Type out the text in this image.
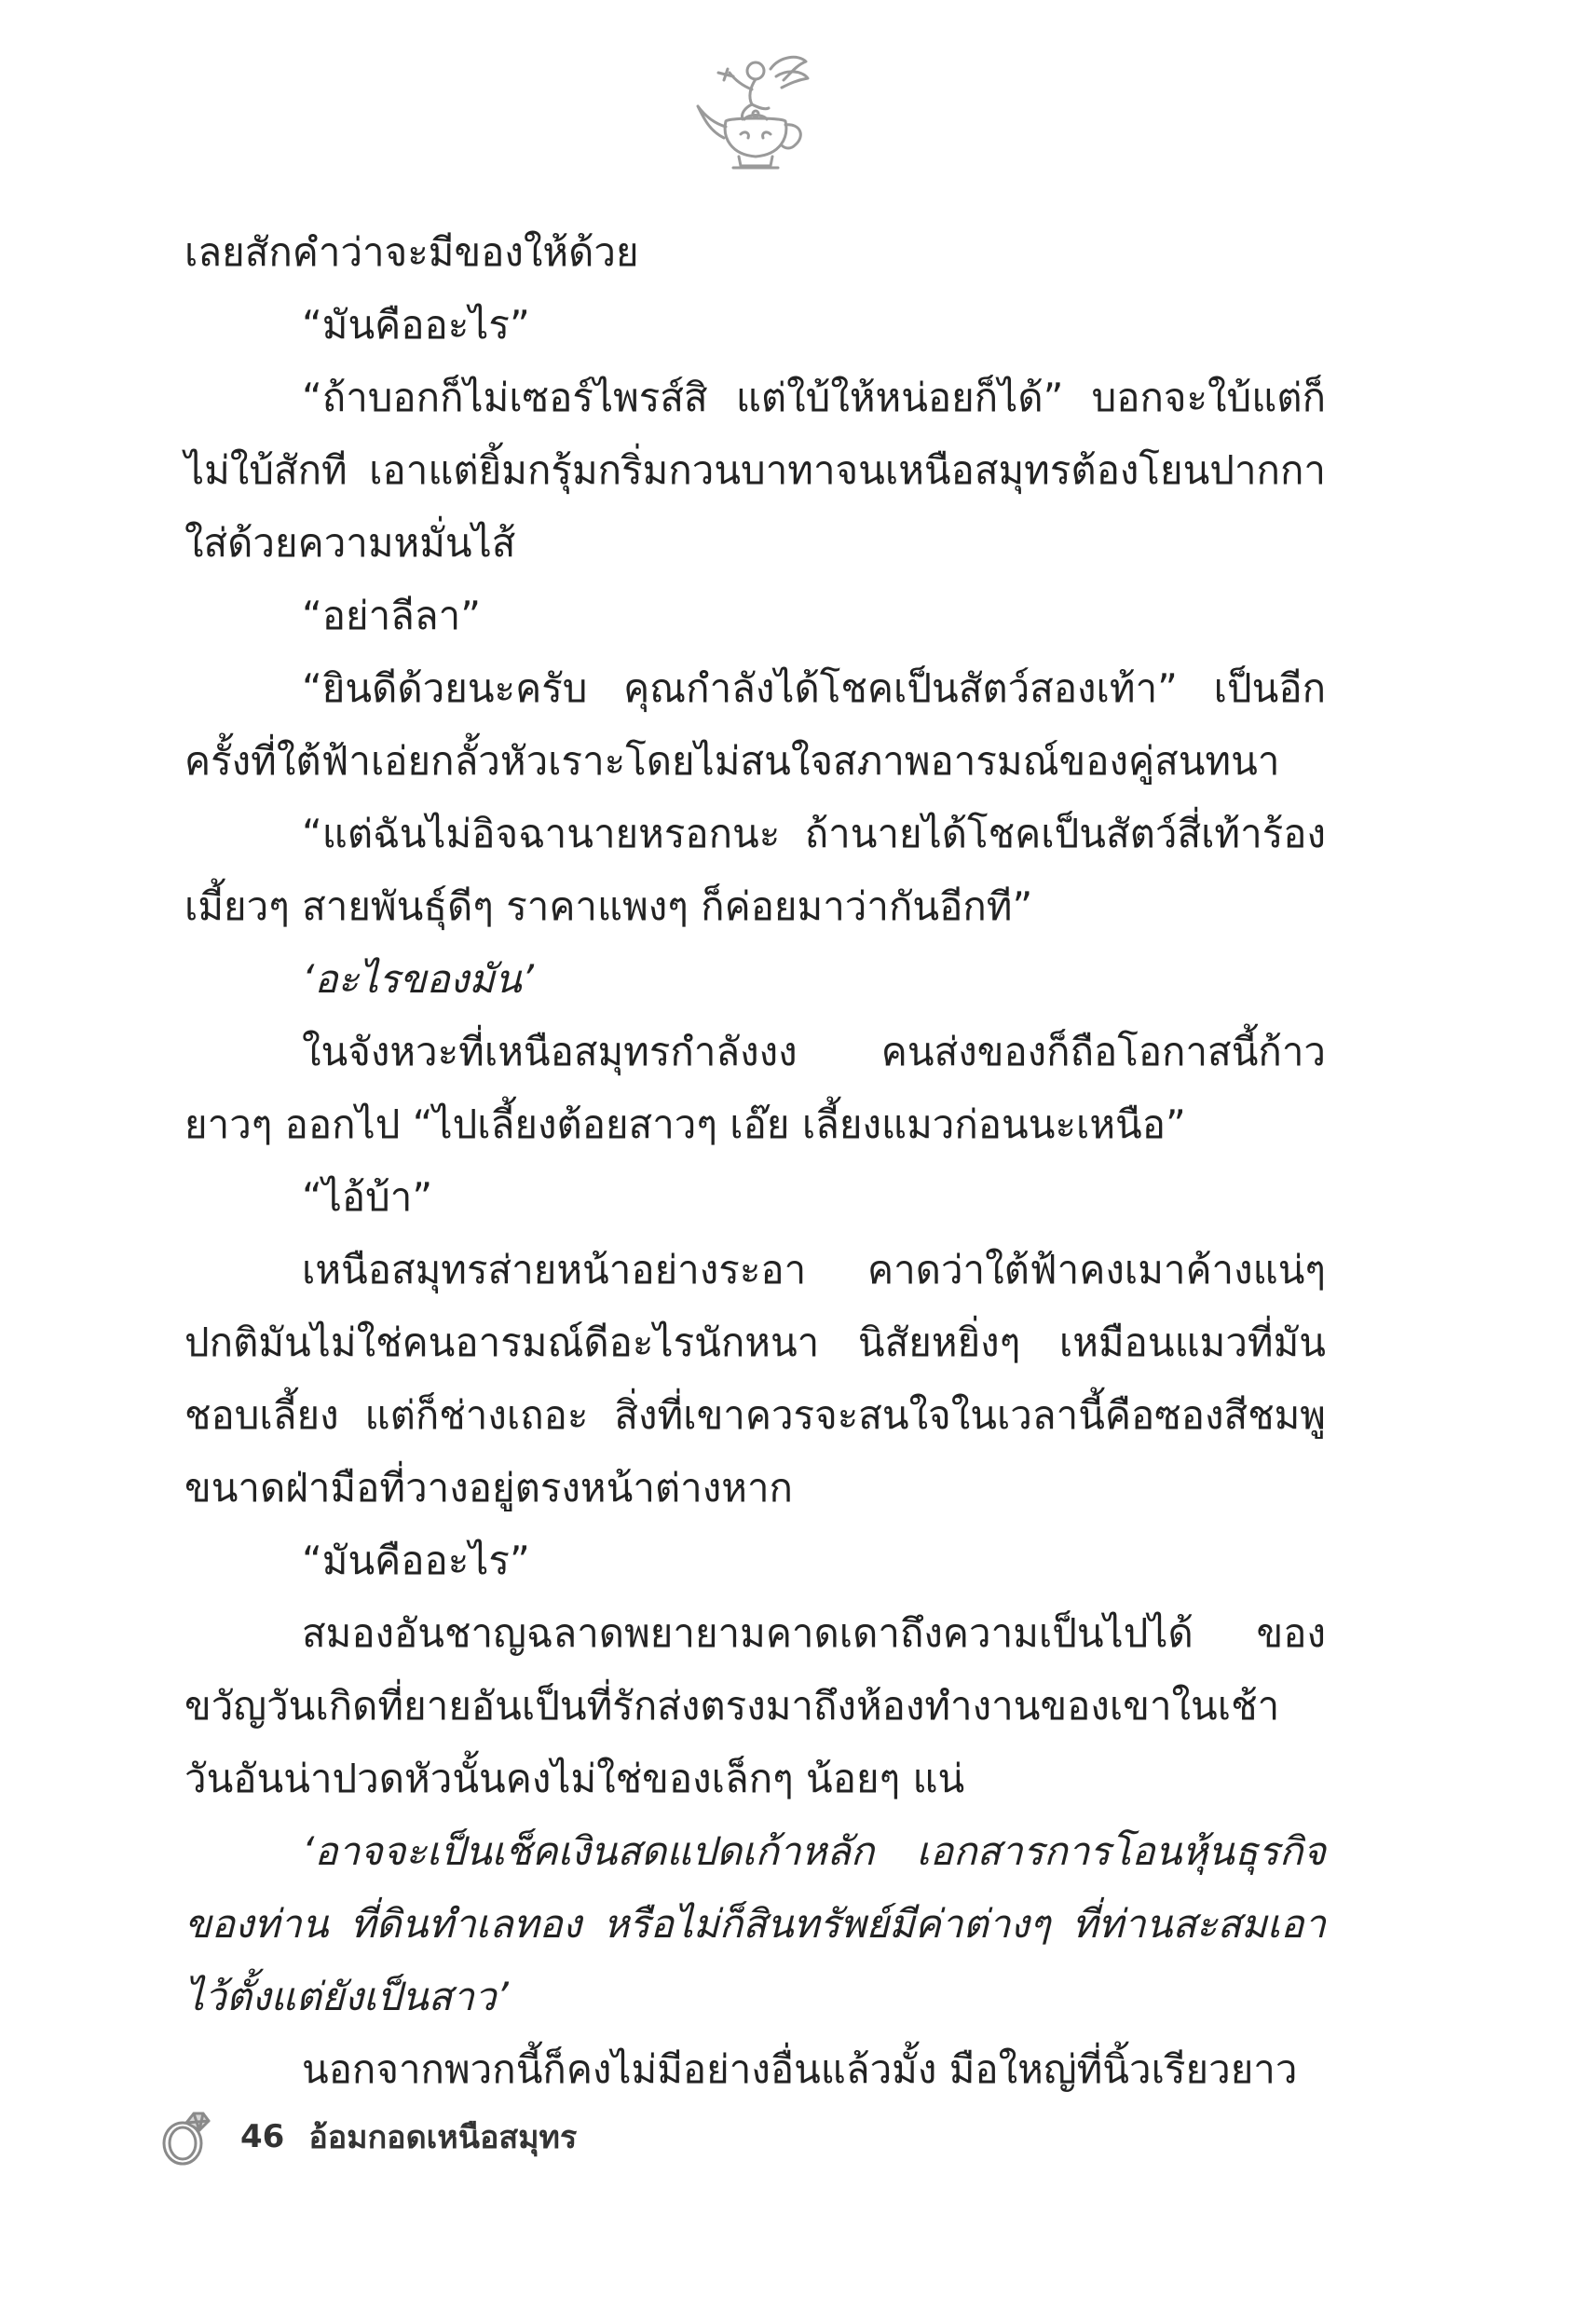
เลยสักคำว่าจะมีของให้ด้วย

“มันคืออะไร”

“ถ้าบอกก็ไม่เซอร์ไพรส์สิ แต่ใบ้ให้หน่อยก็ได้” บอกจะใบ้แต่ก็ไม่ใบ้สักที เอาแต่ยิ้มกรุ้มกริ่มกวนบาทาจนเหนือสมุทรต้องโยนปากกาใส่ด้วยความหมั่นไส้

“อย่าลีลา”

“ยินดีด้วยนะครับ คุณกำลังได้โชคเป็นสัตว์สองเท้า” เป็นอีกครั้งที่ใต้ฟ้าเอ่ยกลั้วหัวเราะโดยไม่สนใจสภาพอารมณ์ของคู่สนทนา

“แต่ฉันไม่อิจฉานายหรอกนะ ถ้านายได้โชคเป็นสัตว์สี่เท้าร้องเมี้ยวๆ สายพันธุ์ดีๆ ราคาแพงๆ ก็ค่อยมาว่ากันอีกที”

‘อะไรของมัน’

ในจังหวะที่เหนือสมุทรกำลังงง คนส่งของก็ถือโอกาสนี้ก้าวยาวๆ ออกไป “ไปเลี้ยงต้อยสาวๆ เอ๊ย เลี้ยงแมวก่อนนะเหนือ”

“ไอ้บ้า”

เหนือสมุทรส่ายหน้าอย่างระอา คาดว่าใต้ฟ้าคงเมาค้างแน่ๆ ปกติมันไม่ใช่คนอารมณ์ดีอะไรนักหนา นิสัยหยิ่งๆ เหมือนแมวที่มันชอบเลี้ยง แต่ก็ช่างเถอะ สิ่งที่เขาควรจะสนใจในเวลานี้คือซองสีชมพูขนาดฝ่ามือที่วางอยู่ตรงหน้าต่างหาก

“มันคืออะไร”

สมองอันชาญฉลาดพยายามคาดเดาถึงความเป็นไปได้ ของขวัญวันเกิดที่ยายอันเป็นที่รักส่งตรงมาถึงห้องทำงานของเขาในเช้าวันอันน่าปวดหัวนั้นคงไม่ใช่ของเล็กๆ น้อยๆ แน่

‘อาจจะเป็นเช็คเงินสดแปดเก้าหลัก เอกสารการโอนหุ้นธุรกิจของท่าน ที่ดินทำเลทอง หรือไม่ก็สินทรัพย์มีค่าต่างๆ ที่ท่านสะสมเอาไว้ตั้งแต่ยังเป็นสาว’

นอกจากพวกนี้ก็คงไม่มีอย่างอื่นแล้วมั้ง มือใหญ่ที่นิ้วเรียวยาว

46 อ้อมกอดเหนือสมุทร
